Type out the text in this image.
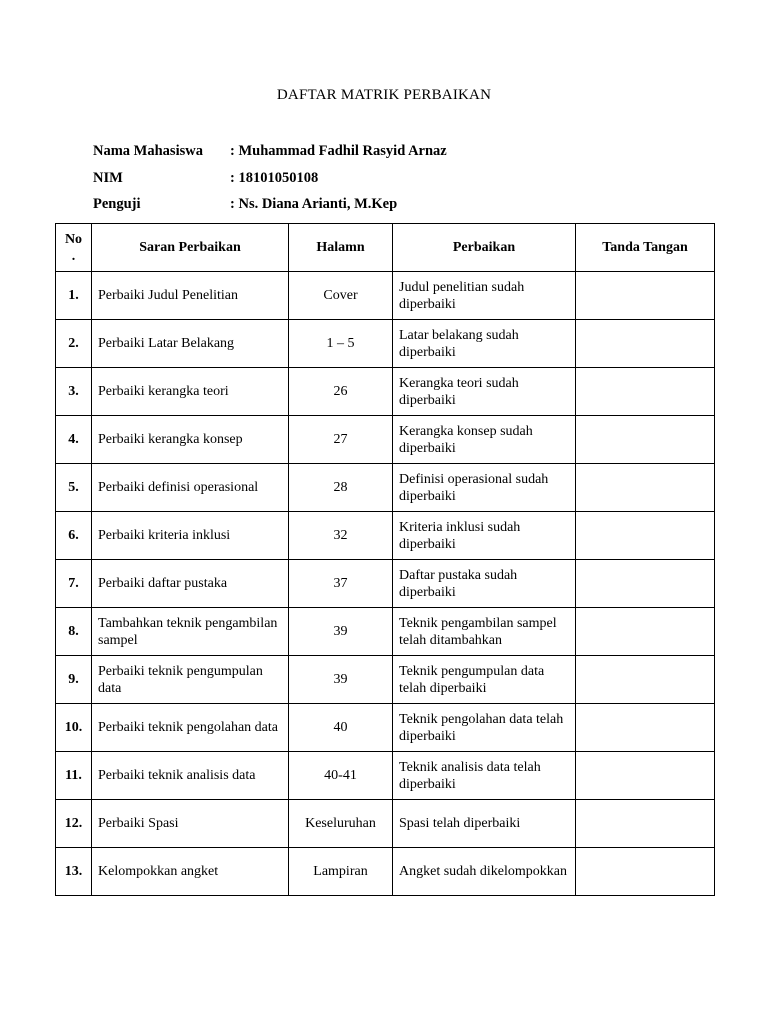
DAFTAR MATRIK PERBAIKAN
Nama Mahasiswa : Muhammad Fadhil Rasyid Arnaz
NIM	: 18101050108
Penguji	: Ns. Diana Arianti, M.Kep
No .	Saran Perbaikan	Halamn	Perbaikan	Tanda Tangan
1.	Perbaiki Judul Penelitian	Cover	Judul penelitian sudah diperbaiki	
2.	Perbaiki Latar Belakang	1 – 5	Latar belakang sudah diperbaiki	
3.	Perbaiki kerangka teori	26	Kerangka teori sudah diperbaiki	
4.	Perbaiki kerangka konsep	27	Kerangka konsep sudah diperbaiki	
5.	Perbaiki definisi operasional	28	Definisi operasional sudah diperbaiki	
6.	Perbaiki kriteria inklusi	32	Kriteria inklusi sudah diperbaiki	
7.	Perbaiki daftar pustaka	37	Daftar pustaka sudah diperbaiki	
8.	Tambahkan teknik pengambilan sampel	39	Teknik pengambilan sampel telah ditambahkan	
9.	Perbaiki teknik pengumpulan data	39	Teknik pengumpulan data telah diperbaiki	
10.	Perbaiki teknik pengolahan data	40	Teknik pengolahan data telah diperbaiki	
11.	Perbaiki teknik analisis data	40-41	Teknik analisis data telah diperbaiki	
12.	Perbaiki Spasi	Keseluruhan	Spasi telah diperbaiki	
13.	Kelompokkan angket	Lampiran	Angket sudah dikelompokkan	
